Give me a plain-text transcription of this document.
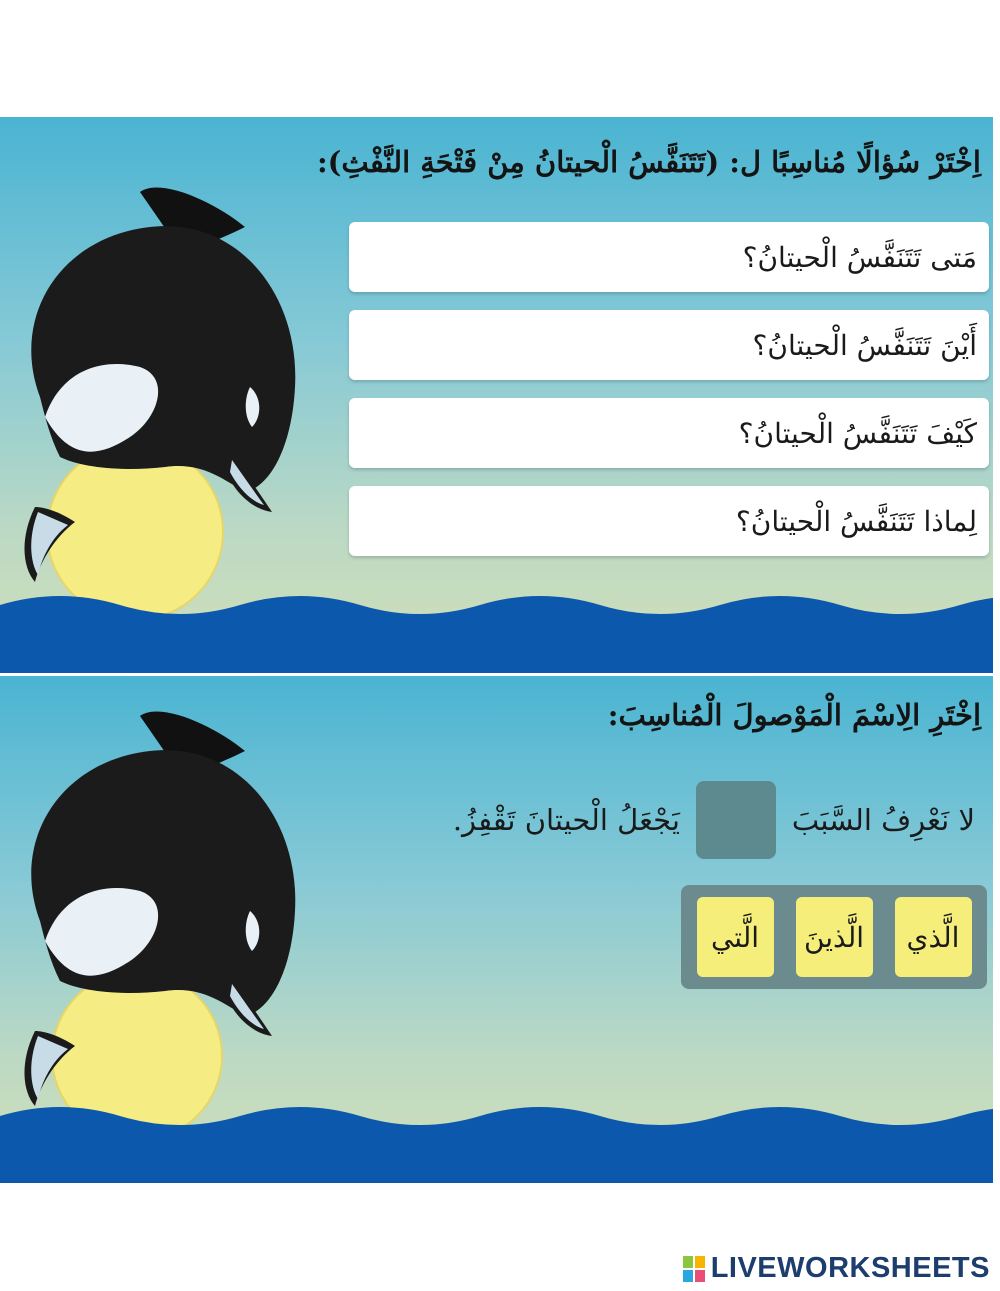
اِخْتَرْ سُؤالًا مُناسِبًا ل: (تَتَنَفَّسُ الْحيتانُ مِنْ فَتْحَةِ النَّفْثِ):
مَتى تَتَنَفَّسُ الْحيتانُ؟
أَيْنَ تَتَنَفَّسُ الْحيتانُ؟
كَيْفَ تَتَنَفَّسُ الْحيتانُ؟
لِماذا تَتَنَفَّسُ الْحيتانُ؟
اِخْتَرِ الِاسْمَ الْمَوْصولَ الْمُناسِبَ:
لا نَعْرِفُ السَّبَبَ
يَجْعَلُ الْحيتانَ تَقْفِزُ.
الَّذي
الَّذينَ
الَّتي
LIVEWORKSHEETS
